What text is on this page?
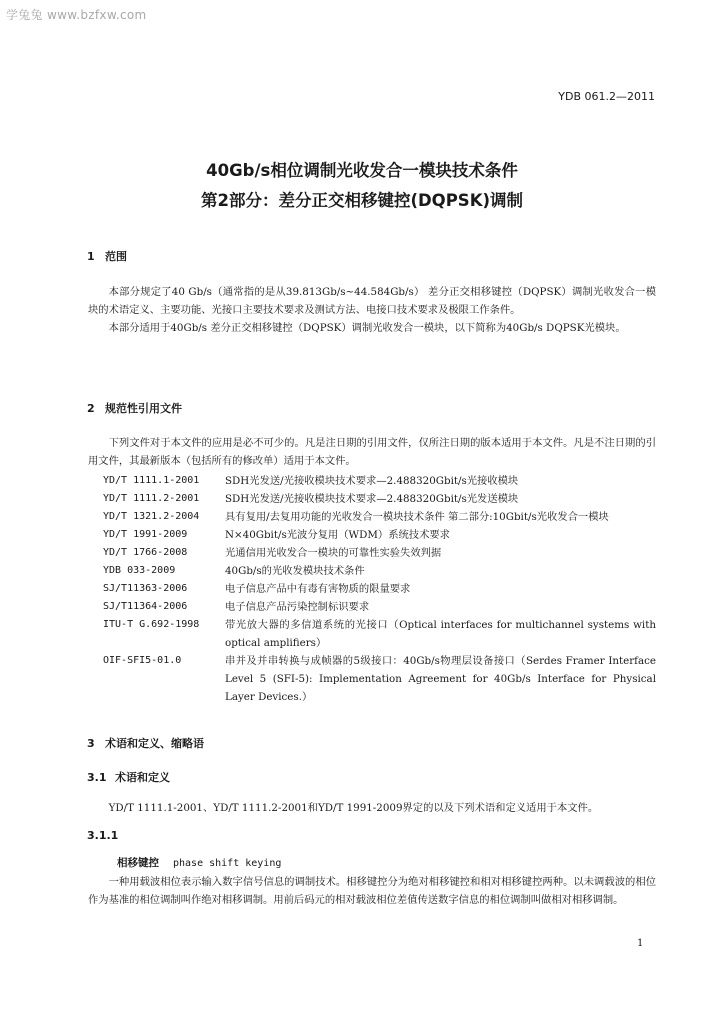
学兔兔 www.bzfxw.com
YDB 061.2—2011
40Gb/s相位调制光收发合一模块技术条件
第2部分：差分正交相移键控(DQPSK)调制
1 范围

本部分规定了40 Gb/s（通常指的是从39.813Gb/s~44.584Gb/s） 差分正交相移键控（DQPSK）调制光收发合一模块的术语定义、主要功能、光接口主要技术要求及测试方法、电接口技术要求及极限工作条件。

本部分适用于40Gb/s 差分正交相移键控（DQPSK）调制光收发合一模块，以下简称为40Gb/s DQPSK光模块。

2 规范性引用文件

下列文件对于本文件的应用是必不可少的。凡是注日期的引用文件，仅所注日期的版本适用于本文件。凡是不注日期的引用文件，其最新版本（包括所有的修改单）适用于本文件。

YD/T 1111.1-2001	SDH光发送/光接收模块技术要求—2.488320Gbit/s光接收模块
YD/T 1111.2-2001	SDH光发送/光接收模块技术要求—2.488320Gbit/s光发送模块
YD/T 1321.2-2004	具有复用/去复用功能的光收发合一模块技术条件 第二部分:10Gbit/s光收发合一模块
YD/T 1991-2009	N×40Gbit/s光波分复用（WDM）系统技术要求
YD/T 1766-2008	光通信用光收发合一模块的可靠性实验失效判据
YDB 033-2009	40Gb/s的光收发模块技术条件
SJ/T11363-2006	电子信息产品中有毒有害物质的限量要求
SJ/T11364-2006	电子信息产品污染控制标识要求
ITU-T G.692-1998	带光放大器的多信道系统的光接口（Optical interfaces for multichannel systems with optical amplifiers）
OIF-SFI5-01.0	串并及并串转换与成帧器的5级接口：40Gb/s物理层设备接口（Serdes Framer Interface Level 5 (SFI-5): Implementation Agreement for 40Gb/s Interface for Physical Layer Devices.）
3 术语和定义、缩略语
3.1 术语和定义

YD/T 1111.1-2001、YD/T 1111.2-2001和YD/T 1991-2009界定的以及下列术语和定义适用于本文件。

3.1.1
相移键控 phase shift keying

一种用载波相位表示输入数字信号信息的调制技术。相移键控分为绝对相移键控和相对相移键控两种。以未调载波的相位作为基准的相位调制叫作绝对相移调制。用前后码元的相对载波相位差值传送数字信息的相位调制叫做相对相移调制。

1
